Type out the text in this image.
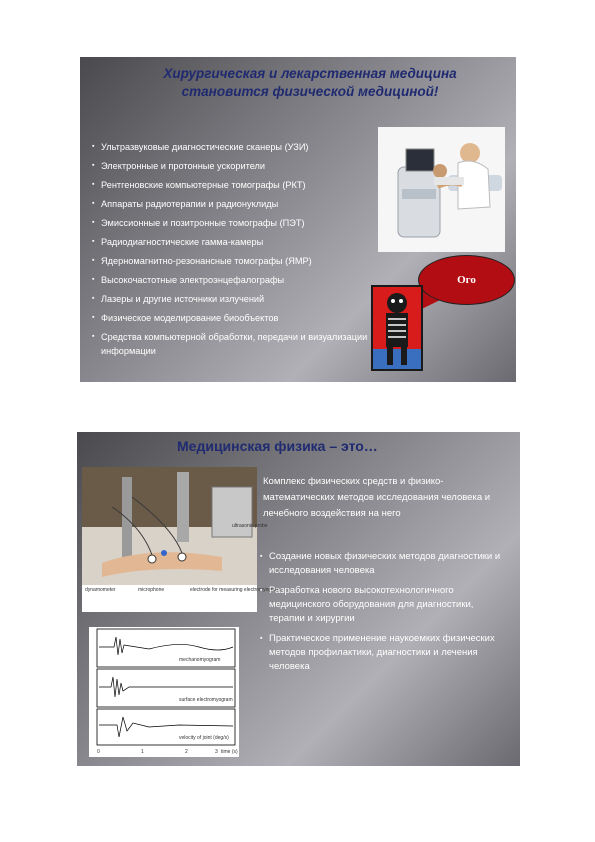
Хирургическая и лекарственная медицина
становится физической медициной!
▪ Ультразвуковые диагностические сканеры (УЗИ)
▪ Электронные и протонные ускорители
▪ Рентгеновские компьютерные томографы (РКТ)
▪ Аппараты радиотерапии и радионуклиды
▪ Эмиссионные и позитронные томографы (ПЭТ)
▪ Радиодиагностические гамма-камеры
▪ Ядерномагнитно-резонансные томографы (ЯМР)
▪ Высокочастотные электроэнцефалографы
▪ Лазеры и другие источники излучений
▪ Физическое моделирование биообъектов
▪ Средства компьютерной обработки, передачи и визуализации информации
Ого
Медицинская физика – это…
dynamometer	microphone	electrode for measuring electromyogram
ultrasonic probe
mechanomyogram
surface electromyogram
velocity of joint (deg/s)
0	1	2	3 time (s)
Комплекс физических средств и физико-математических методов исследования человека и лечебного воздействия на него
▪ Создание новых физических методов диагностики и исследования человека
▪ Разработка нового высокотехнологичного медицинского оборудования для диагностики, терапии и хирургии
▪ Практическое применение наукоемких физических методов профилактики, диагностики и лечения человека
